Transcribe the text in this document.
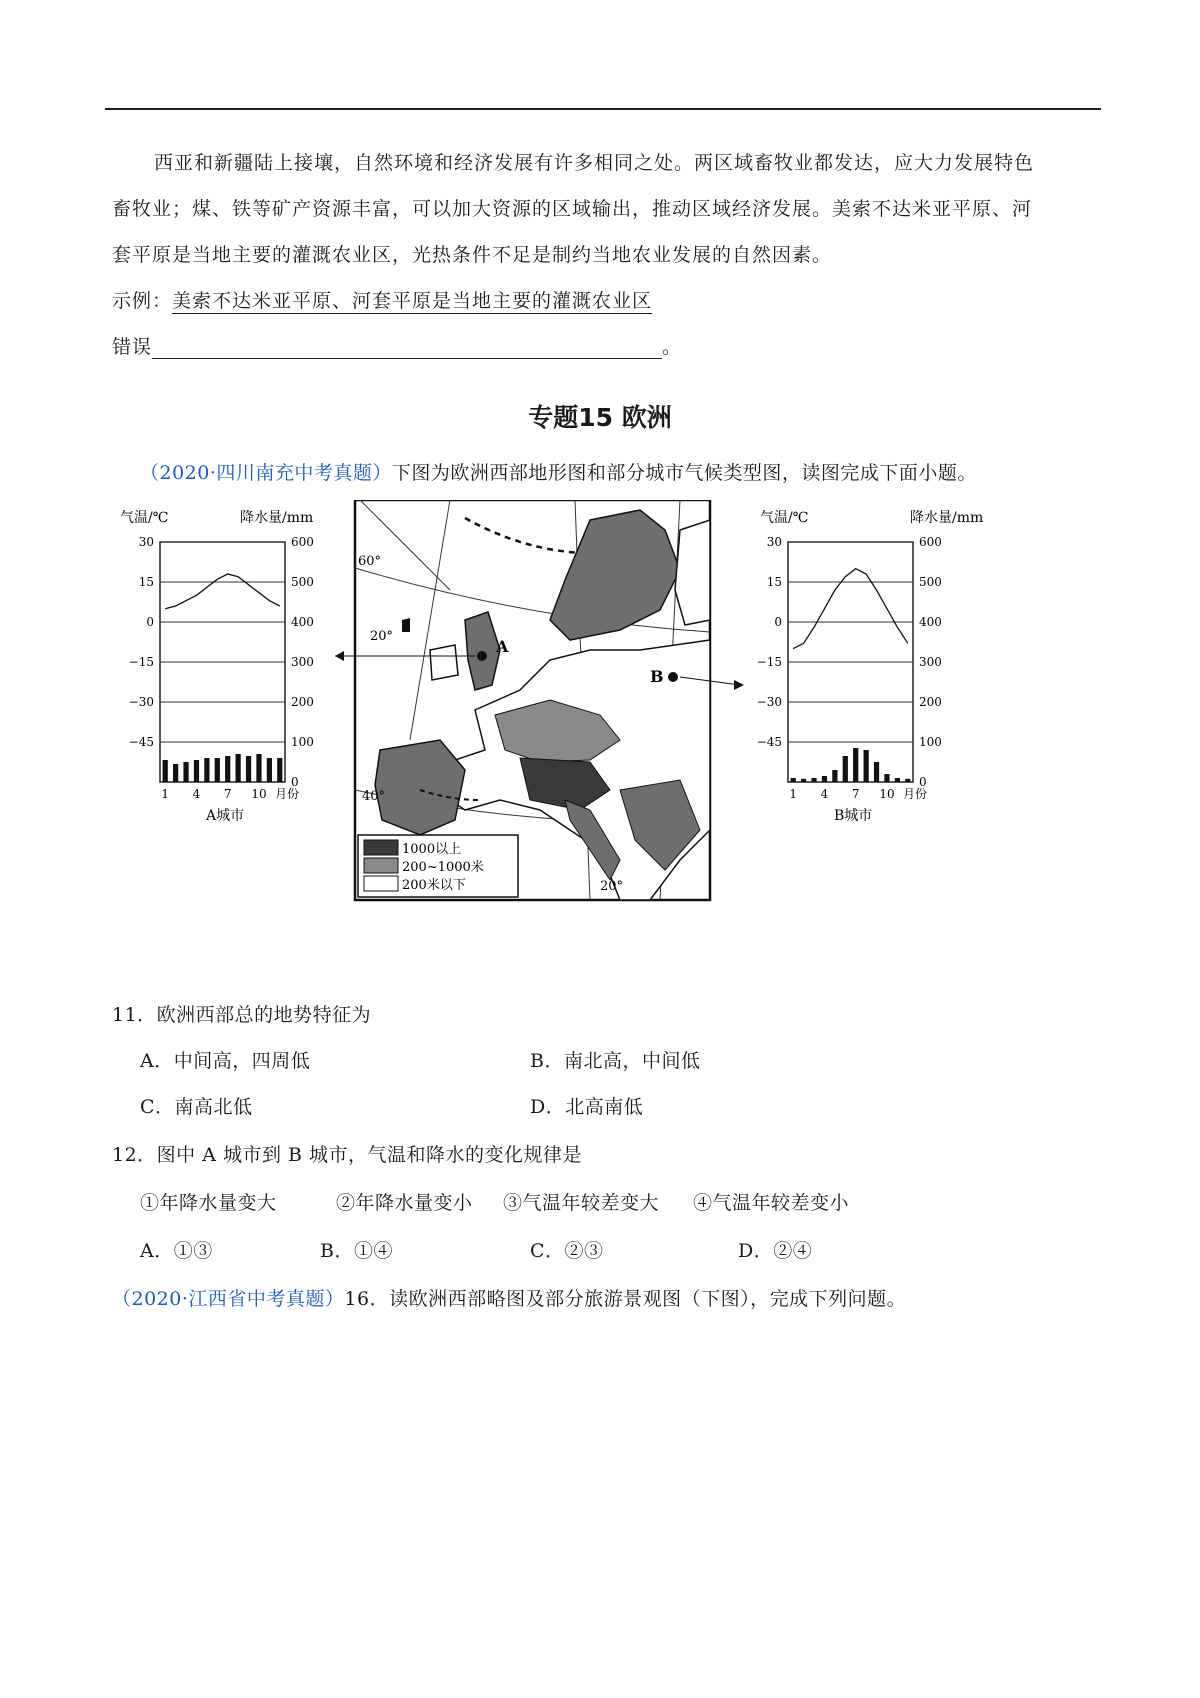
西亚和新疆陆上接壤，自然环境和经济发展有许多相同之处。两区域畜牧业都发达，应大力发展特色
畜牧业；煤、铁等矿产资源丰富，可以加大资源的区域输出，推动区域经济发展。美索不达米亚平原、河
套平原是当地主要的灌溉农业区，光热条件不足是制约当地农业发展的自然因素。
示例：美索不达米亚平原、河套平原是当地主要的灌溉农业区
错误	。
专题15 欧洲
（2020·四川南充中考真题）下图为欧洲西部地形图和部分城市气候类型图，读图完成下面小题。
气温/℃	降水量/mm
30
15
0
−15
−30
−45
600
500
400
300
200
100
0
1 4 7 10 月份
A城市
60°
40°
20°
20°
A
B
1000以上
200~1000米
200米以下
气温/℃	降水量/mm
30
15
0
−15
−30
−45
600
500
400
300
200
100
0
1 4 7 10 月份
B城市
11．欧洲西部总的地势特征为
A．中间高，四周低	B．南北高，中间低
C．南高北低	D．北高南低
12．图中 A 城市到 B 城市，气温和降水的变化规律是
①年降水量变大	②年降水量变小 ③气温年较差变大 ④气温年较差变小
A．①③	B．①④	C．②③	D．②④
（2020·江西省中考真题）16．读欧洲西部略图及部分旅游景观图（下图），完成下列问题。
